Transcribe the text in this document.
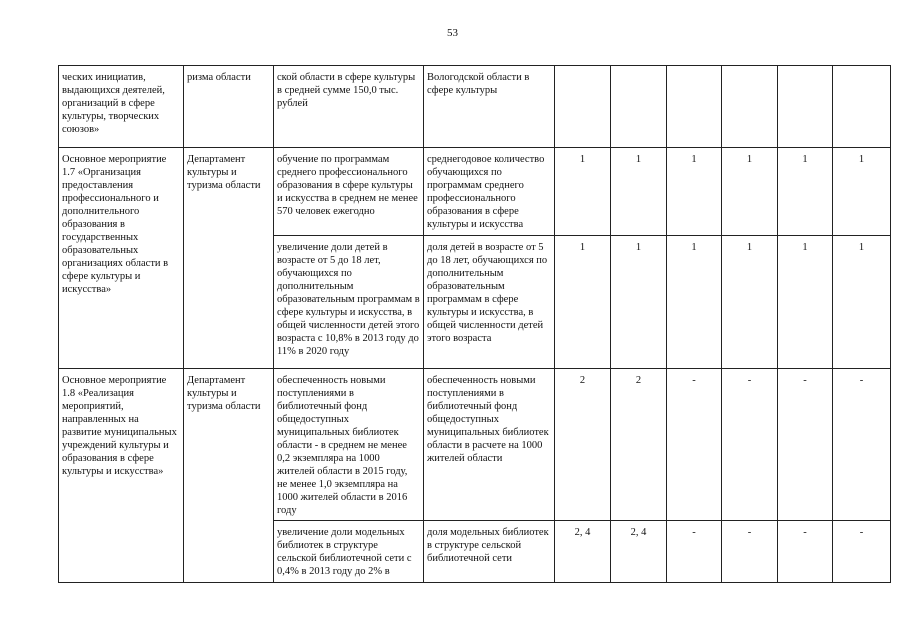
53
ческих инициатив, выдающихся деятелей, организаций в сфере культуры, творческих союзов»	ризма области	ской области в сфере культуры в средней сумме 150,0 тыс. рублей	Вологодской области в сфере культуры						

Основное мероприятие 1.7 «Организация предоставления профессионального и дополнительного образования в государственных образовательных организациях области в сфере культуры и искусства»	Департамент культуры и туризма области	обучение по программам среднего профессионального образования в сфере культуры и искусства в среднем не менее 570 человек ежегодно	среднегодовое количество обучающихся по программам среднего профессионального образования в сфере культуры и искусства	1	1	1	1	1	1

		увеличение доли детей в возрасте от 5 до 18 лет, обучающихся по дополнительным образовательным программам в сфере культуры и искусства, в общей численности детей этого возраста с 10,8% в 2013 году до 11% в 2020 году	доля детей в возрасте от 5 до 18 лет, обучающихся по дополнительным образовательным программам в сфере культуры и искусства, в общей численности детей этого возраста	1	1	1	1	1	1

Основное мероприятие 1.8 «Реализация мероприятий, направленных на развитие муниципальных учреждений культуры и образования в сфере культуры и искусства»	Департамент культуры и туризма области	обеспеченность новыми поступлениями в библиотечный фонд общедоступных муниципальных библиотек области - в среднем не менее 0,2 экземпляра на 1000 жителей области в 2015 году, не менее 1,0 экземпляра на 1000 жителей области в 2016 году	обеспеченность новыми поступлениями в библиотечный фонд общедоступных муниципальных библиотек области в расчете на 1000 жителей области	2	2	-	-	-	-

		увеличение доли модельных библиотек в структуре сельской библиотечной сети с 0,4% в 2013 году до 2% в	доля модельных библиотек в структуре сельской библиотечной сети	2, 4	2, 4	-	-	-	-
